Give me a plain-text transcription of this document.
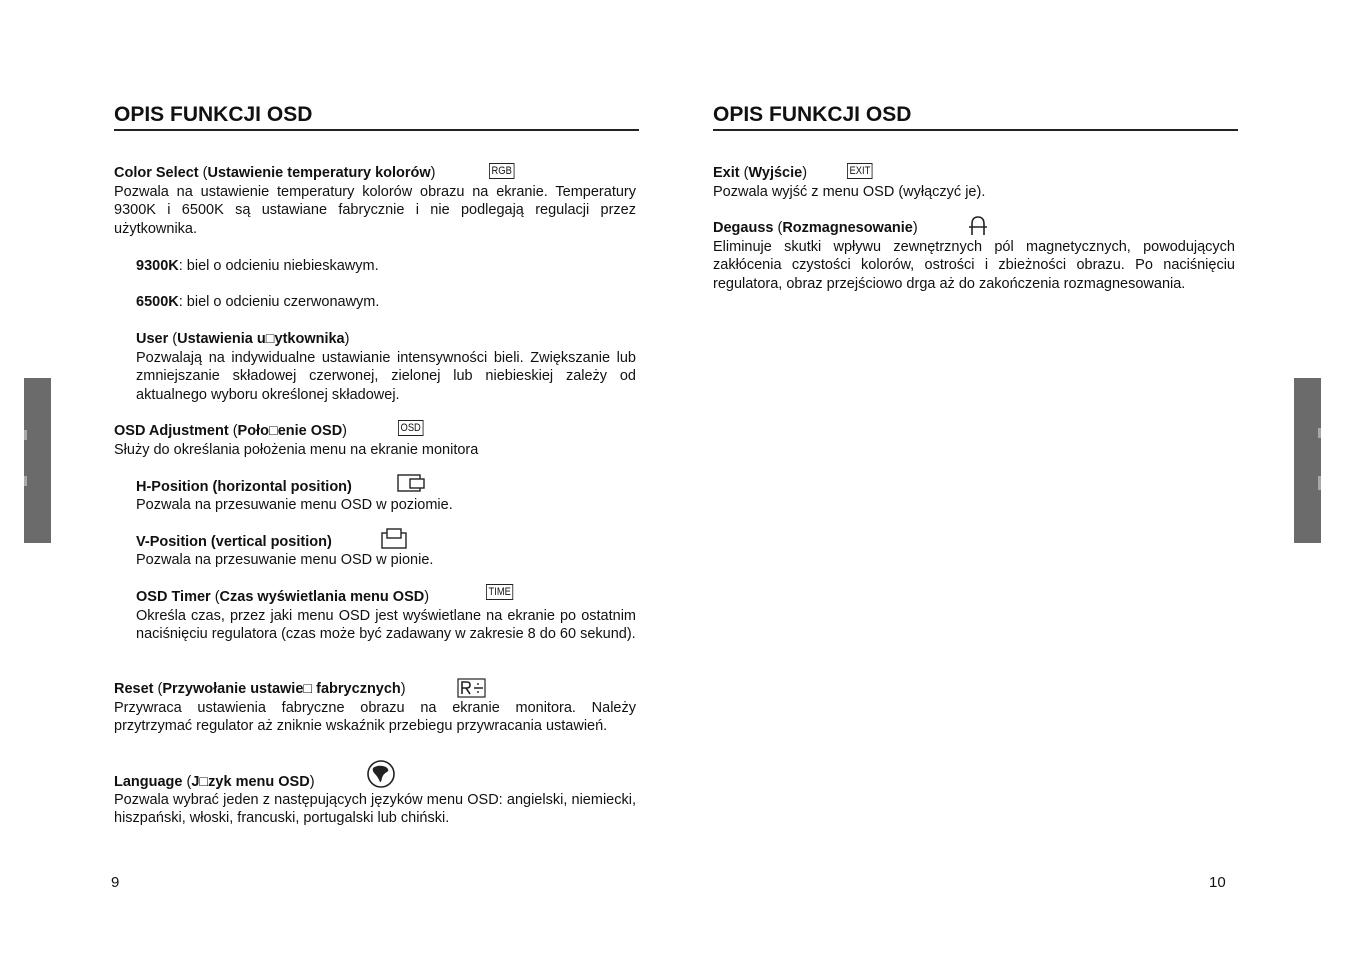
OPIS FUNKCJI OSD
Color Select (Ustawienie temperatury kolorów)	RGB
Pozwala na ustawienie temperatury kolorów obrazu na ekranie. Temperatury 9300K i 6500K są ustawiane fabrycznie i nie podlegają regulacji przez użytkownika.
9300K: biel o odcieniu niebieskawym.
6500K: biel o odcieniu czerwonawym.
User (Ustawienia u□ytkownika)
Pozwalają na indywidualne ustawianie intensywności bieli. Zwiększanie lub zmniejszanie składowej czerwonej, zielonej lub niebieskiej zależy od aktualnego wyboru określonej składowej.
OSD Adjustment (Poło□enie OSD)	OSD
Służy do określania położenia menu na ekranie monitora
H-Position (horizontal position)
Pozwala na przesuwanie menu OSD w poziomie.
V-Position (vertical position)
Pozwala na przesuwanie menu OSD w pionie.
OSD Timer (Czas wyświetlania menu OSD)	TIME
Określa czas, przez jaki menu OSD jest wyświetlane na ekranie po ostatnim naciśnięciu regulatora (czas może być zadawany w zakresie 8 do 60 sekund).
Reset (Przywołanie ustawie□ fabrycznych)
Przywraca ustawienia fabryczne obrazu na ekranie monitora. Należy przytrzymać regulator aż zniknie wskaźnik przebiegu przywracania ustawień.
Language (J□zyk menu OSD)
Pozwala wybrać jeden z następujących języków menu OSD: angielski, niemiecki, hiszpański, włoski, francuski, portugalski lub chiński.
9
OPIS FUNKCJI OSD
Exit (Wyjście)	EXIT
Pozwala wyjść z menu OSD (wyłączyć je).
Degauss (Rozmagnesowanie)
Eliminuje skutki wpływu zewnętrznych pól magnetycznych, powodujących zakłócenia czystości kolorów, ostrości i zbieżności obrazu. Po naciśnięciu regulatora, obraz przejściowo drga aż do zakończenia rozmagnesowania.
10
